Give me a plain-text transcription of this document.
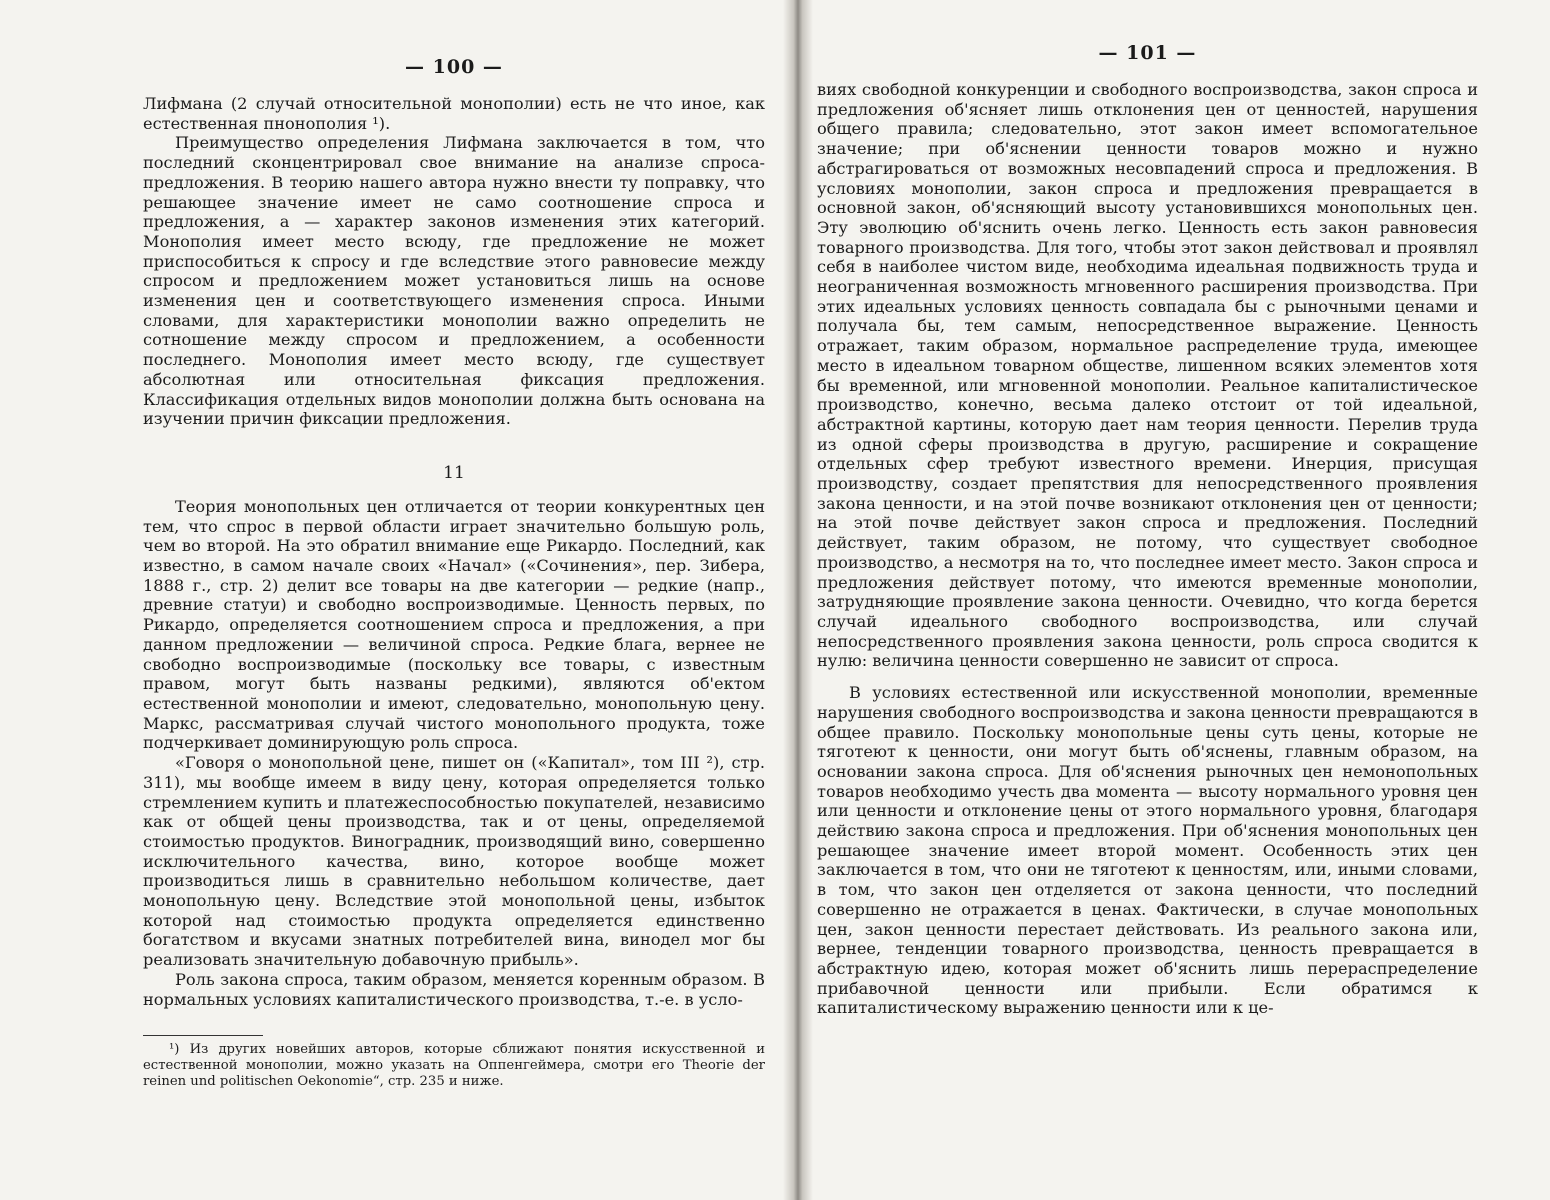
— 100 —

Лифмана (2 случай относительной монополии) есть не что иное, как естественная пнонополия ¹).

Преимущество определения Лифмана заключается в том, что последний сконцентрировал свое внимание на анализе спроса-предложения. В теорию нашего автора нужно внести ту поправку, что решающее значение имеет не само соотношение спроса и предложения, а — характер законов изменения этих категорий. Монополия имеет место всюду, где предложение не может приспособиться к спросу и где вследствие этого равновесие между спросом и предложением может установиться лишь на основе изменения цен и соответствующего изменения спроса. Иными словами, для характеристики монополии важно определить не сотношение между спросом и предложением, а особенности последнего. Монополия имеет место всюду, где существует абсолютная или относительная фиксация предложения. Классификация отдельных видов монополии должна быть основана на изучении причин фиксации предложения.

11

Теория монопольных цен отличается от теории конкурентных цен тем, что спрос в первой области играет значительно большую роль, чем во второй. На это обратил внимание еще Рикардо. Последний, как известно, в самом начале своих «Начал» («Сочинения», пер. Зибера, 1888 г., стр. 2) делит все товары на две категории — редкие (напр., древние статуи) и свободно воспроизводимые. Ценность первых, по Рикардо, определяется соотношением спроса и предложения, а при данном предложении — величиной спроса. Редкие блага, вернее не свободно воспроизводимые (поскольку все товары, с известным правом, могут быть названы редкими), являются об'ектом естественной монополии и имеют, следовательно, монопольную цену. Маркс, рассматривая случай чистого монопольного продукта, тоже подчеркивает доминирующую роль спроса.

«Говоря о монопольной цене, пишет он («Капитал», том III ²), стр. 311), мы вообще имеем в виду цену, которая определяется только стремлением купить и платежеспособностью покупателей, независимо как от общей цены производства, так и от цены, определяемой стоимостью продуктов. Виноградник, производящий вино, совершенно исключительного качества, вино, которое вообще может производиться лишь в сравнительно небольшом количестве, дает монопольную цену. Вследствие этой монопольной цены, избыток которой над стоимостью продукта определяется единственно богатством и вкусами знатных потребителей вина, винодел мог бы реализовать значительную добавочную прибыль».

Роль закона спроса, таким образом, меняется коренным образом. В нормальных условиях капиталистического производства, т.-е. в усло-

¹) Из других новейших авторов, которые сближают понятия искусственной и естественной монополии, можно указать на Оппенгеймера, смотри его Theorie der reinen und politischen Oekonomie“, стр. 235 и ниже.

— 101 —

виях свободной конкуренции и свободного воспроизводства, закон спроса и предложения об'ясняет лишь отклонения цен от ценностей, нарушения общего правила; следовательно, этот закон имеет вспомогательное значение; при об'яснении ценности товаров можно и нужно абстрагироваться от возможных несовпадений спроса и предложения. В условиях монополии, закон спроса и предложения превращается в основной закон, об'ясняющий высоту установившихся монопольных цен. Эту эволюцию об'яснить очень легко. Ценность есть закон равновесия товарного производства. Для того, чтобы этот закон действовал и проявлял себя в наиболее чистом виде, необходима идеальная подвижность труда и неограниченная возможность мгновенного расширения производства. При этих идеальных условиях ценность совпадала бы с рыночными ценами и получала бы, тем самым, непосредственное выражение. Ценность отражает, таким образом, нормальное распределение труда, имеющее место в идеальном товарном обществе, лишенном всяких элементов хотя бы временной, или мгновенной монополии. Реальное капиталистическое производство, конечно, весьма далеко отстоит от той идеальной, абстрактной картины, которую дает нам теория ценности. Перелив труда из одной сферы производства в другую, расширение и сокращение отдельных сфер требуют известного времени. Инерция, присущая производству, создает препятствия для непосредственного проявления закона ценности, и на этой почве возникают отклонения цен от ценности; на этой почве действует закон спроса и предложения. Последний действует, таким образом, не потому, что существует свободное производство, а несмотря на то, что последнее имеет место. Закон спроса и предложения действует потому, что имеются временные монополии, затрудняющие проявление закона ценности. Очевидно, что когда берется случай идеального свободного воспроизводства, или случай непосредственного проявления закона ценности, роль спроса сводится к нулю: величина ценности совершенно не зависит от спроса.

В условиях естественной или искусственной монополии, временные нарушения свободного воспроизводства и закона ценности превращаются в общее правило. Поскольку монопольные цены суть цены, которые не тяготеют к ценности, они могут быть об'яснены, главным образом, на основании закона спроса. Для об'яснения рыночных цен немонопольных товаров необходимо учесть два момента — высоту нормального уровня цен или ценности и отклонение цены от этого нормального уровня, благодаря действию закона спроса и предложения. При об'яснения монопольных цен решающее значение имеет второй момент. Особенность этих цен заключается в том, что они не тяготеют к ценностям, или, иными словами, в том, что закон цен отделяется от закона ценности, что последний совершенно не отражается в ценах. Фактически, в случае монопольных цен, закон ценности перестает действовать. Из реального закона или, вернее, тенденции товарного производства, ценность превращается в абстрактную идею, которая может об'яснить лишь перераспределение прибавочной ценности или прибыли. Если обратимся к капиталистическому выражению ценности или к це-
